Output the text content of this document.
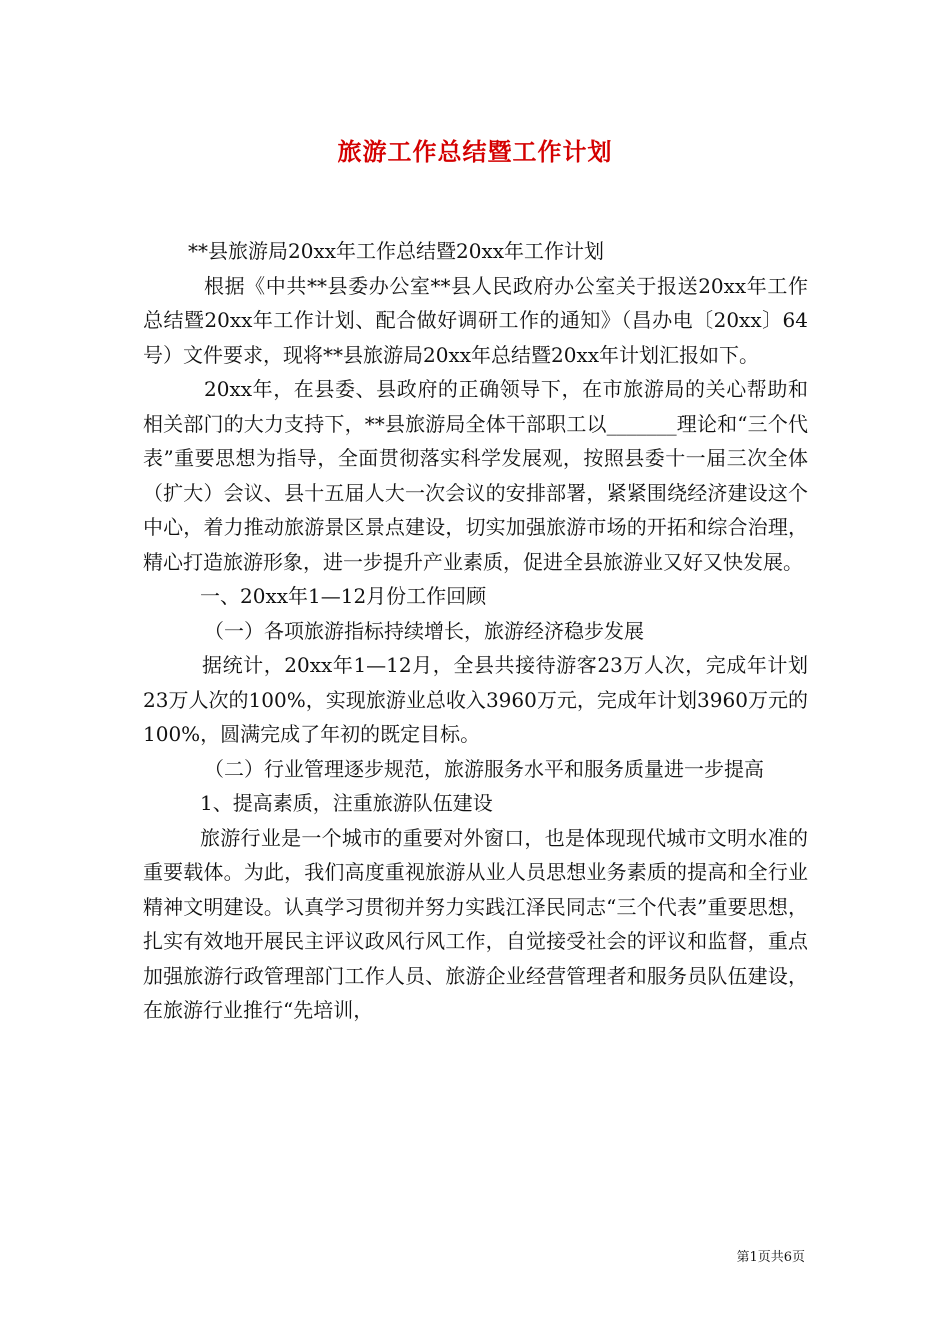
旅游工作总结暨工作计划

**县旅游局20xx年工作总结暨20xx年工作计划

根据《中共**县委办公室**县人民政府办公室关于报送20xx年工作总结暨20xx年工作计划、配合做好调研工作的通知》（昌办电〔20xx〕64号）文件要求，现将**县旅游局20xx年总结暨20xx年计划汇报如下。

20xx年，在县委、县政府的正确领导下，在市旅游局的关心帮助和相关部门的大力支持下，**县旅游局全体干部职工以_______理论和“三个代表”重要思想为指导，全面贯彻落实科学发展观，按照县委十一届三次全体（扩大）会议、县十五届人大一次会议的安排部署，紧紧围绕经济建设这个中心，着力推动旅游景区景点建设，切实加强旅游市场的开拓和综合治理，精心打造旅游形象，进一步提升产业素质，促进全县旅游业又好又快发展。

一、20xx年1—12月份工作回顾

（一）各项旅游指标持续增长，旅游经济稳步发展

据统计，20xx年1—12月，全县共接待游客23万人次，完成年计划23万人次的100%，实现旅游业总收入3960万元，完成年计划3960万元的100%，圆满完成了年初的既定目标。

（二）行业管理逐步规范，旅游服务水平和服务质量进一步提高

1、提高素质，注重旅游队伍建设

旅游行业是一个城市的重要对外窗口，也是体现现代城市文明水准的重要载体。为此，我们高度重视旅游从业人员思想业务素质的提高和全行业精神文明建设。认真学习贯彻并努力实践江泽民同志“三个代表”重要思想，扎实有效地开展民主评议政风行风工作，自觉接受社会的评议和监督，重点加强旅游行政管理部门工作人员、旅游企业经营管理者和服务员队伍建设，在旅游行业推行“先培训，

第1页共6页
